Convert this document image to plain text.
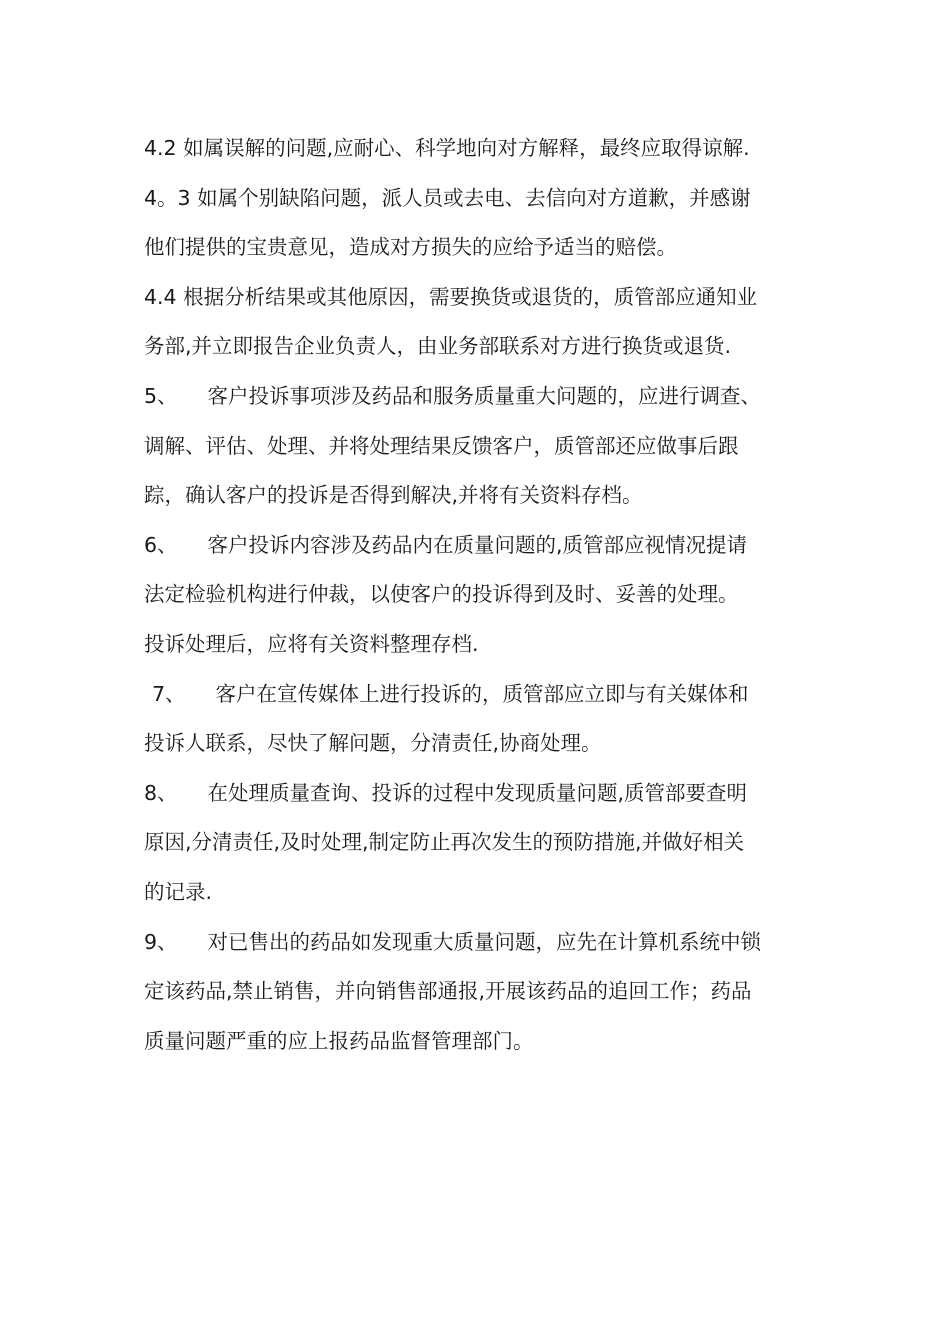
4.2 如属误解的问题,应耐心、科学地向对方解释，最终应取得谅解.
4。3 如属个别缺陷问题，派人员或去电、去信向对方道歉，并感谢
他们提供的宝贵意见，造成对方损失的应给予适当的赔偿。
4.4 根据分析结果或其他原因，需要换货或退货的，质管部应通知业
务部,并立即报告企业负责人，由业务部联系对方进行换货或退货.
5、 客户投诉事项涉及药品和服务质量重大问题的，应进行调查、
调解、评估、处理、并将处理结果反馈客户，质管部还应做事后跟
踪，确认客户的投诉是否得到解决,并将有关资料存档。
6、 客户投诉内容涉及药品内在质量问题的,质管部应视情况提请
法定检验机构进行仲裁，以使客户的投诉得到及时、妥善的处理。
投诉处理后，应将有关资料整理存档.
7、 客户在宣传媒体上进行投诉的，质管部应立即与有关媒体和
投诉人联系，尽快了解问题，分清责任,协商处理。
8、 在处理质量查询、投诉的过程中发现质量问题,质管部要查明
原因,分清责任,及时处理,制定防止再次发生的预防措施,并做好相关
的记录.
9、 对已售出的药品如发现重大质量问题，应先在计算机系统中锁
定该药品,禁止销售，并向销售部通报,开展该药品的追回工作；药品
质量问题严重的应上报药品监督管理部门。
